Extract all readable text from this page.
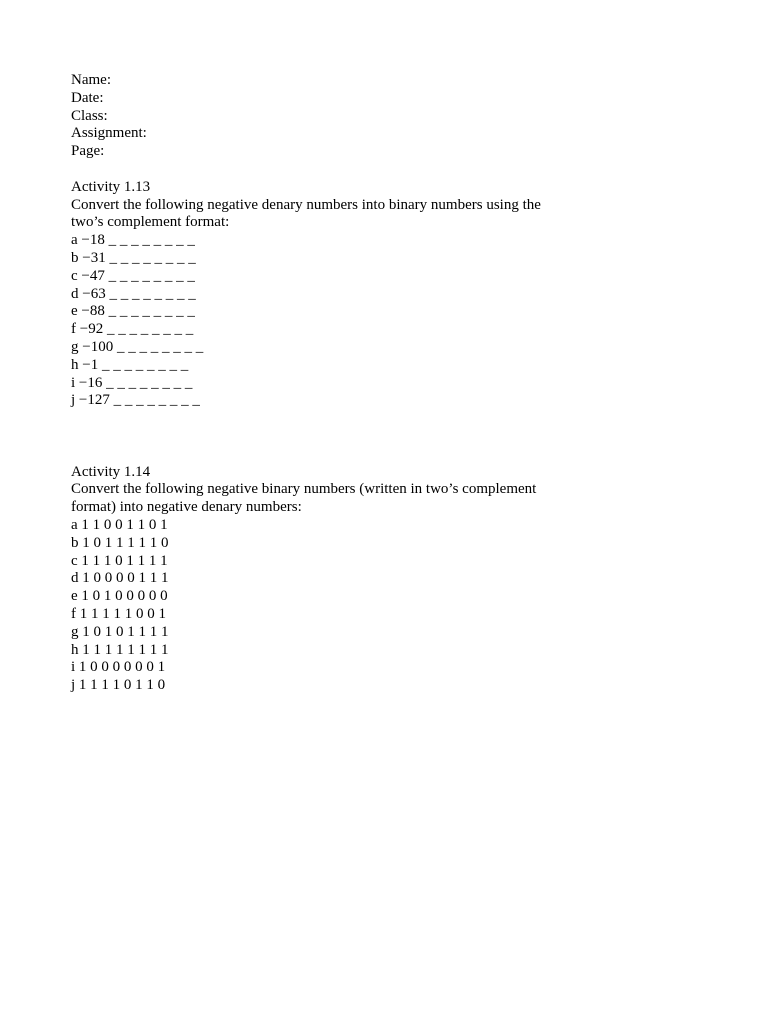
Name:
Date:
Class:
Assignment:
Page:
Activity 1.13
Convert the following negative denary numbers into binary numbers using the two’s complement format:
a −18 _ _ _ _ _ _ _ _
b −31 _ _ _ _ _ _ _ _
c −47 _ _ _ _ _ _ _ _
d −63 _ _ _ _ _ _ _ _
e −88 _ _ _ _ _ _ _ _
f −92 _ _ _ _ _ _ _ _
g −100 _ _ _ _ _ _ _ _
h −1 _ _ _ _ _ _ _ _
i −16 _ _ _ _ _ _ _ _
j −127 _ _ _ _ _ _ _ _
Activity 1.14
Convert the following negative binary numbers (written in two’s complement format) into negative denary numbers:
a 1 1 0 0 1 1 0 1
b 1 0 1 1 1 1 1 0
c 1 1 1 0 1 1 1 1
d 1 0 0 0 0 1 1 1
e 1 0 1 0 0 0 0 0
f 1 1 1 1 1 0 0 1
g 1 0 1 0 1 1 1 1
h 1 1 1 1 1 1 1 1
i 1 0 0 0 0 0 0 1
j 1 1 1 1 0 1 1 0
